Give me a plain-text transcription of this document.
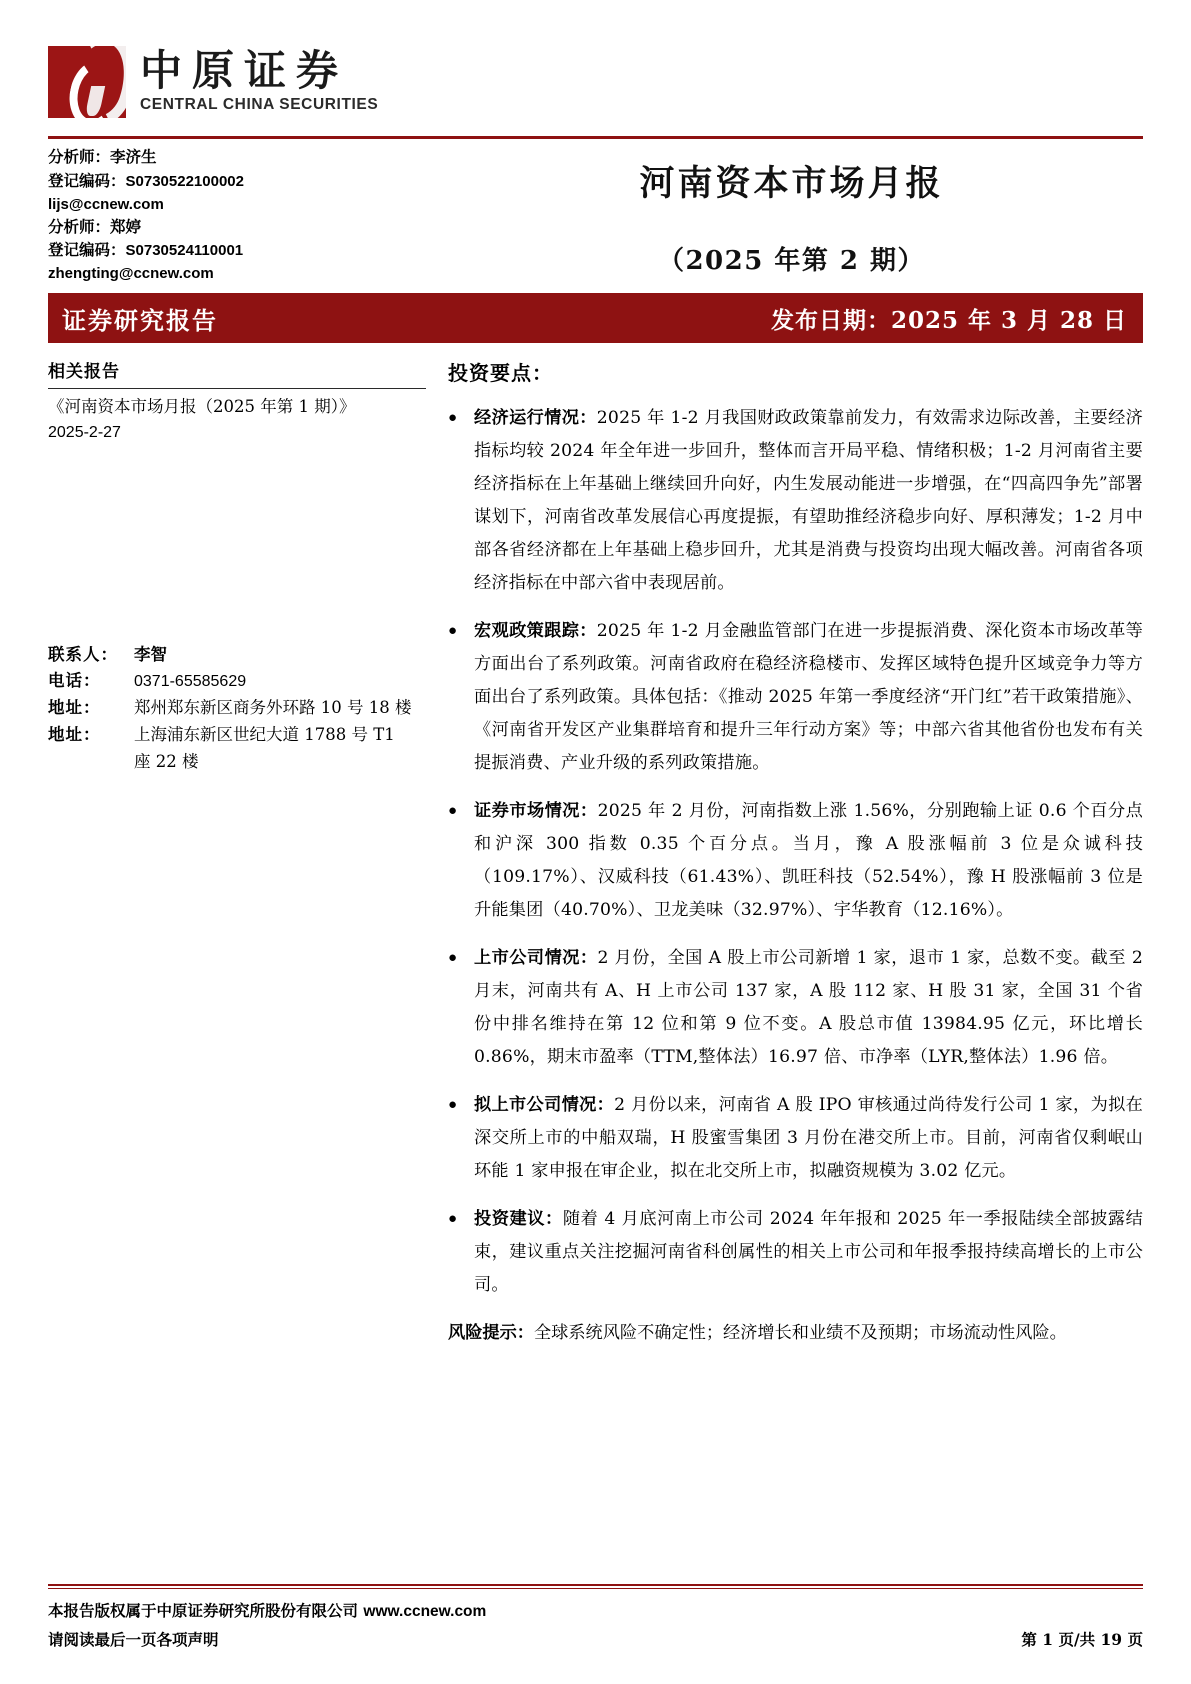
中原证券
CENTRAL CHINA SECURITIES
分析师：李济生
登记编码：S0730522100002
lijs@ccnew.com
分析师：郑婷
登记编码：S0730524110001
zhengting@ccnew.com
河南资本市场月报
（2025 年第 2 期）
证券研究报告	发布日期：2025 年 3 月 28 日
相关报告
《河南资本市场月报（2025 年第 1 期）》
2025-2-27
联系人： 李智
电话：	0371-65585629
地址：	郑州郑东新区商务外环路 10 号 18 楼
地址：	上海浦东新区世纪大道 1788 号 T1
座 22 楼
投资要点：
● 经济运行情况：2025 年 1-2 月我国财政政策靠前发力，有效需求边际改善，主要经济指标均较 2024 年全年进一步回升，整体而言开局平稳、情绪积极；1-2 月河南省主要经济指标在上年基础上继续回升向好，内生发展动能进一步增强，在“四高四争先”部署谋划下，河南省改革发展信心再度提振，有望助推经济稳步向好、厚积薄发；1-2 月中部各省经济都在上年基础上稳步回升，尤其是消费与投资均出现大幅改善。河南省各项经济指标在中部六省中表现居前。
● 宏观政策跟踪：2025 年 1-2 月金融监管部门在进一步提振消费、深化资本市场改革等方面出台了系列政策。河南省政府在稳经济稳楼市、发挥区域特色提升区域竞争力等方面出台了系列政策。具体包括：《推动 2025 年第一季度经济“开门红”若干政策措施》、《河南省开发区产业集群培育和提升三年行动方案》等；中部六省其他省份也发布有关提振消费、产业升级的系列政策措施。
● 证券市场情况：2025 年 2 月份，河南指数上涨 1.56%，分别跑输上证 0.6 个百分点和沪深 300 指数 0.35 个百分点。当月，豫 A 股涨幅前 3 位是众诚科技（109.17%）、汉威科技（61.43%）、凯旺科技（52.54%），豫 H 股涨幅前 3 位是升能集团（40.70%）、卫龙美味（32.97%）、宇华教育（12.16%）。
● 上市公司情况：2 月份，全国 A 股上市公司新增 1 家，退市 1 家，总数不变。截至 2 月末，河南共有 A、H 上市公司 137 家，A 股 112 家、H 股 31 家，全国 31 个省份中排名维持在第 12 位和第 9 位不变。A 股总市值 13984.95 亿元，环比增长 0.86%，期末市盈率（TTM,整体法）16.97 倍、市净率（LYR,整体法）1.96 倍。
● 拟上市公司情况：2 月份以来，河南省 A 股 IPO 审核通过尚待发行公司 1 家，为拟在深交所上市的中船双瑞，H 股蜜雪集团 3 月份在港交所上市。目前，河南省仅剩岷山环能 1 家申报在审企业，拟在北交所上市，拟融资规模为 3.02 亿元。
● 投资建议：随着 4 月底河南上市公司 2024 年年报和 2025 年一季报陆续全部披露结束，建议重点关注挖掘河南省科创属性的相关上市公司和年报季报持续高增长的上市公司。
风险提示：全球系统风险不确定性；经济增长和业绩不及预期；市场流动性风险。
本报告版权属于中原证券研究所股份有限公司 www.ccnew.com
请阅读最后一页各项声明	第 1 页/共 19 页
